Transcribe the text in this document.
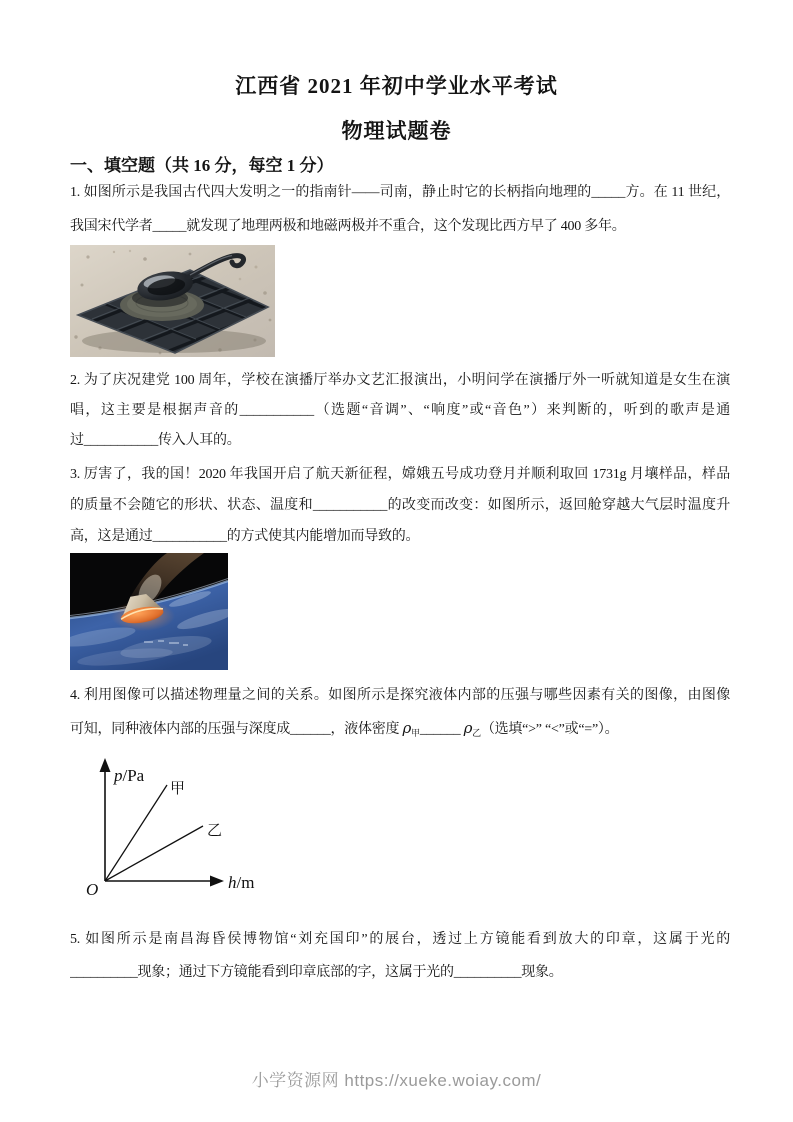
江西省 2021 年初中学业水平考试
物理试题卷
一、填空题（共 16 分，每空 1 分）
1. 如图所示是我国古代四大发明之一的指南针——司南，静止时它的长柄指向地理的_____方。在 11 世纪，
我国宋代学者_____就发现了地理两极和地磁两极并不重合，这个发现比西方早了 400 多年。
2. 为了庆况建党 100 周年，学校在演播厅举办文艺汇报演出，小明问学在演播厅外一听就知道是女生在演
唱，这主要是根据声音的___________（选题“音调”、“响度”或“音色”）来判断的，听到的歌声是通
过___________传入人耳的。
3. 厉害了，我的国！2020 年我国开启了航天新征程，嫦娥五号成功登月并顺利取回 1731g 月壤样品，样品
的质量不会随它的形状、状态、温度和___________的改变而改变：如图所示，返回舱穿越大气层时温度升
高，这是通过___________的方式使其内能增加而导致的。
4. 利用图像可以描述物理量之间的关系。如图所示是探究液体内部的压强与哪些因素有关的图像，由图像
可知，同种液体内部的压强与深度成______，液体密度 $\rho_甲\_\_\_\_\_\_$ $\rho_乙$（选填“>” “<”或“=”）。
p/Pa
h/m
甲
乙
O
5. 如图所示是南昌海昏侯博物馆“刘充国印”的展台，透过上方镜能看到放大的印章，这属于光的
__________现象；通过下方镜能看到印章底部的字，这属于光的__________现象。
小学资源网 https://xueke.woiay.com/
